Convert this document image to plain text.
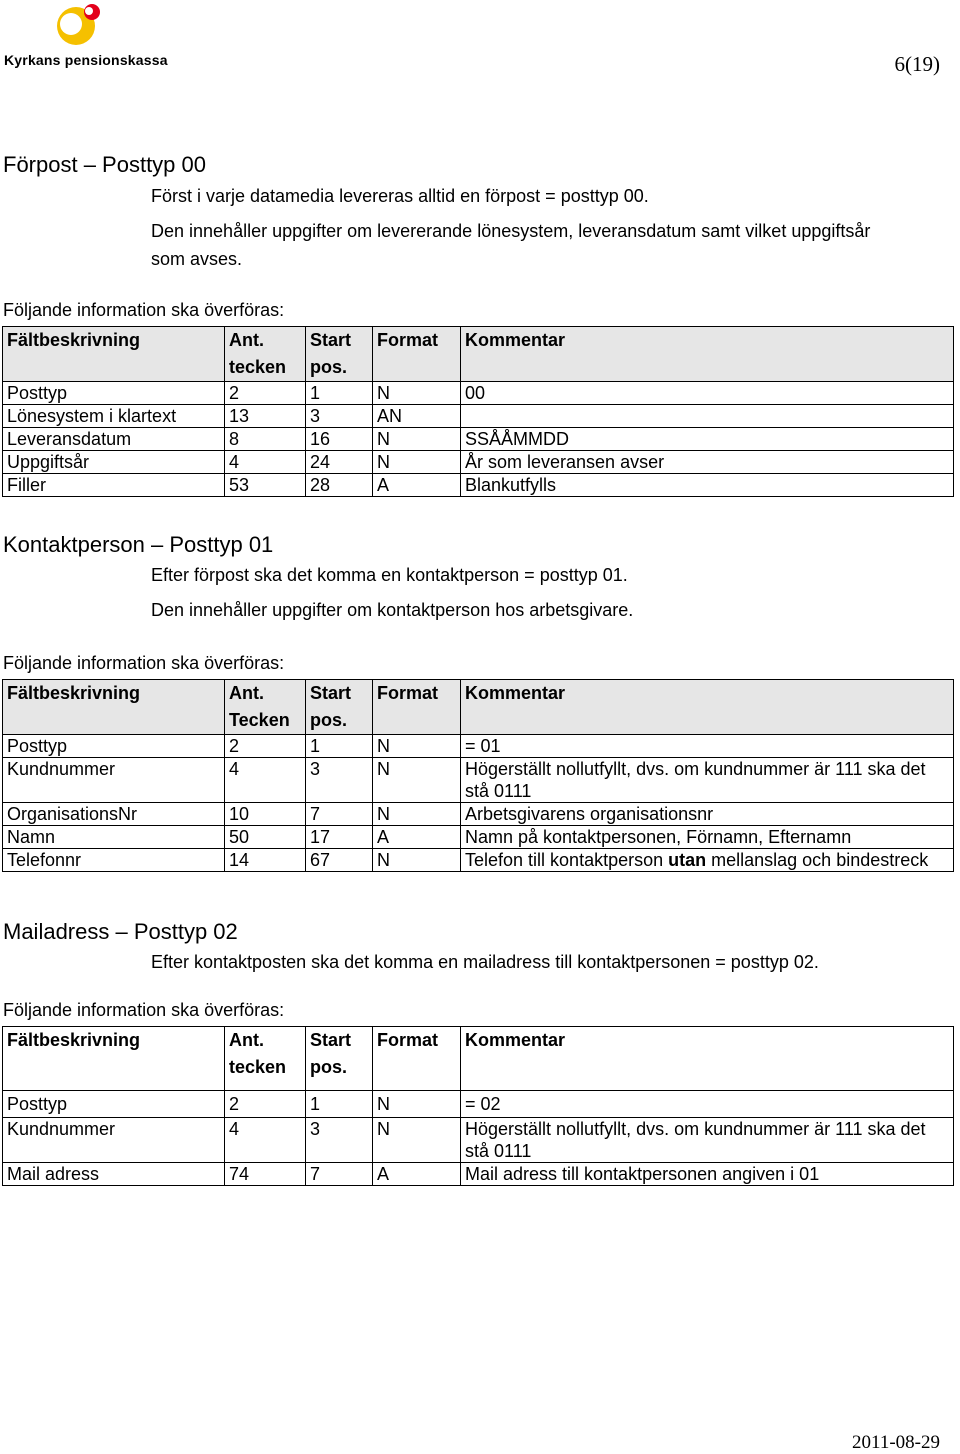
Kyrkans pensionskassa	6(19)
Förpost – Posttyp 00
Först i varje datamedia levereras alltid en förpost = posttyp 00.
Den innehåller uppgifter om levererande lönesystem, leveransdatum samt vilket uppgiftsår som avses.
Följande information ska överföras:
Fältbeskrivning	Ant. tecken	Start pos.	Format	Kommentar
Posttyp	2	1	N	00
Lönesystem i klartext	13	3	AN	
Leveransdatum	8	16	N	SSÅÅMMDD
Uppgiftsår	4	24	N	År som leveransen avser
Filler	53	28	A	Blankutfylls
Kontaktperson – Posttyp 01
Efter förpost ska det komma en kontaktperson = posttyp 01.
Den innehåller uppgifter om kontaktperson hos arbetsgivare.
Följande information ska överföras:
Fältbeskrivning	Ant. Tecken	Start pos.	Format	Kommentar
Posttyp	2	1	N	= 01
Kundnummer	4	3	N	Högerställt nollutfyllt, dvs. om kundnummer är 111 ska det stå 0111
OrganisationsNr	10	7	N	Arbetsgivarens organisationsnr
Namn	50	17	A	Namn på kontaktpersonen, Förnamn, Efternamn
Telefonnr	14	67	N	Telefon till kontaktperson utan mellanslag och bindestreck
Mailadress – Posttyp 02
Efter kontaktposten ska det komma en mailadress till kontaktpersonen = posttyp 02.
Följande information ska överföras:
Fältbeskrivning	Ant. tecken	Start pos.	Format	Kommentar
Posttyp	2	1	N	= 02
Kundnummer	4	3	N	Högerställt nollutfyllt, dvs. om kundnummer är 111 ska det stå 0111
Mail adress	74	7	A	Mail adress till kontaktpersonen angiven i 01
2011-08-29
